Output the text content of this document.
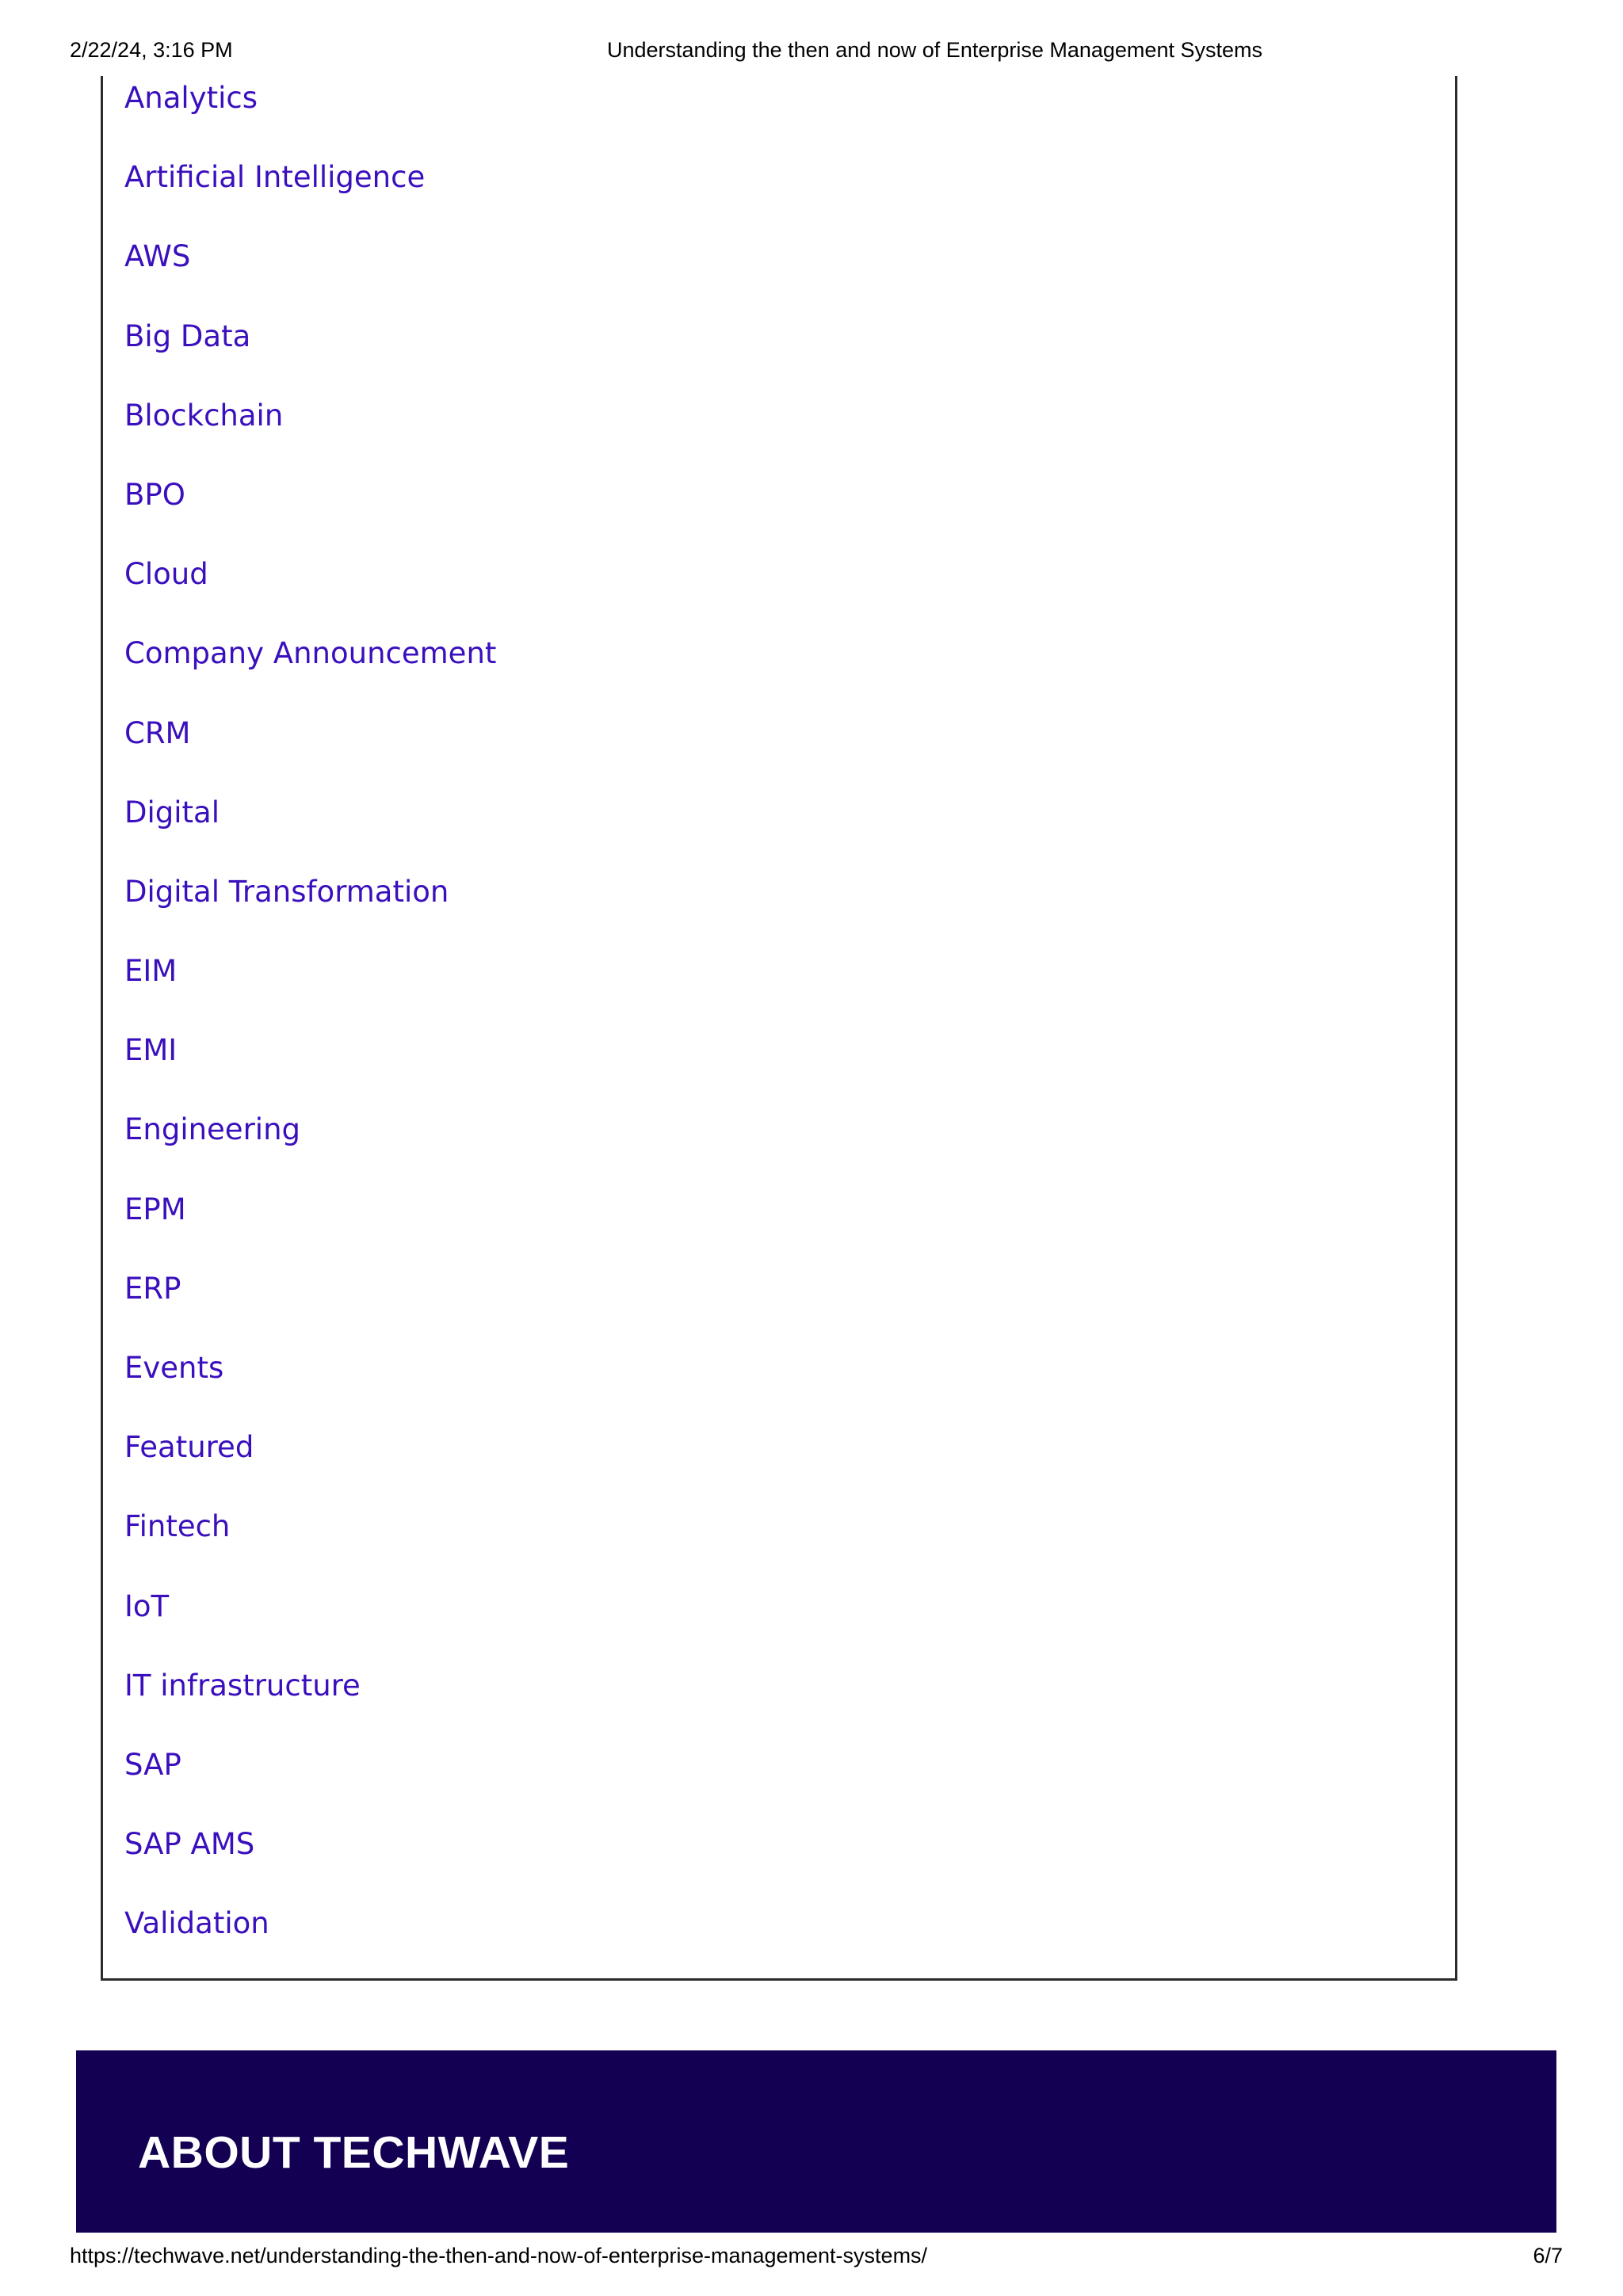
2/22/24, 3:16 PM	Understanding the then and now of Enterprise Management Systems
Analytics
Artificial Intelligence
AWS
Big Data
Blockchain
BPO
Cloud
Company Announcement
CRM
Digital
Digital Transformation
EIM
EMI
Engineering
EPM
ERP
Events
Featured
Fintech
IoT
IT infrastructure
SAP
SAP AMS
Validation
ABOUT TECHWAVE
https://techwave.net/understanding-the-then-and-now-of-enterprise-management-systems/	6/7
